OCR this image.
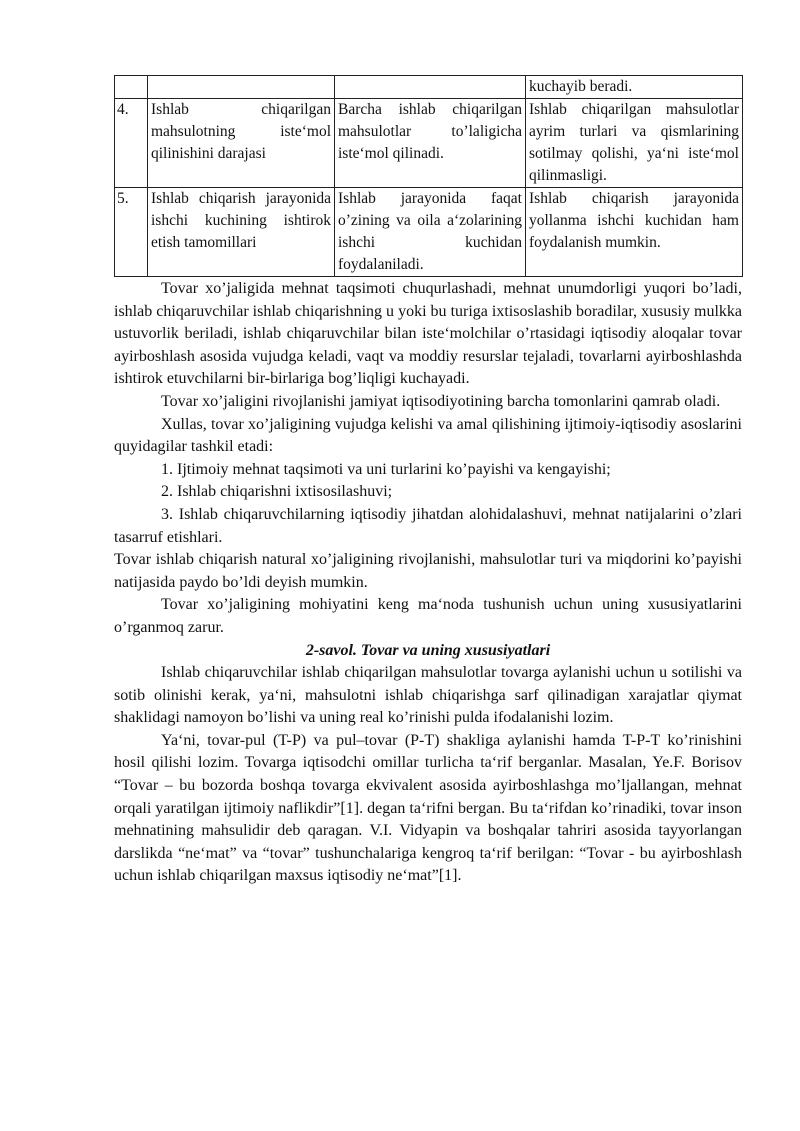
			kuchayib beradi.
4.	Ishlab chiqarilgan mahsulotning iste‘mol qilinishini darajasi	Barcha ishlab chiqarilgan mahsulotlar to’laligicha iste‘mol qilinadi.	Ishlab chiqarilgan mahsulotlar ayrim turlari va qismlarining sotilmay qolishi, ya‘ni iste‘mol qilinmasligi.
5.	Ishlab chiqarish jarayonida ishchi kuchining ishtirok etish tamomillari	Ishlab jarayonida faqat o’zining va oila a‘zolarining ishchi kuchidan foydalaniladi.	Ishlab chiqarish jarayonida yollanma ishchi kuchidan ham foydalanish mumkin.

Tovar xo’jaligida mehnat taqsimoti chuqurlashadi, mehnat unumdorligi yuqori bo’ladi, ishlab chiqaruvchilar ishlab chiqarishning u yoki bu turiga ixtisoslashib boradilar, xususiy mulkka ustuvorlik beriladi, ishlab chiqaruvchilar bilan iste‘molchilar o’rtasidagi iqtisodiy aloqalar tovar ayirboshlash asosida vujudga keladi, vaqt va moddiy resurslar tejaladi, tovarlarni ayirboshlashda ishtirok etuvchilarni bir-birlariga bog’liqligi kuchayadi.

Tovar xo’jaligini rivojlanishi jamiyat iqtisodiyotining barcha tomonlarini qamrab oladi.

Xullas, tovar xo’jaligining vujudga kelishi va amal qilishining ijtimoiy-iqtisodiy asoslarini quyidagilar tashkil etadi:

1. Ijtimoiy mehnat taqsimoti va uni turlarini ko’payishi va kengayishi;

2. Ishlab chiqarishni ixtisosilashuvi;

3. Ishlab chiqaruvchilarning iqtisodiy jihatdan alohidalashuvi, mehnat natijalarini o’zlari tasarruf etishlari.

Tovar ishlab chiqarish natural xo’jaligining rivojlanishi, mahsulotlar turi va miqdorini ko’payishi natijasida paydo bo’ldi deyish mumkin.

Tovar xo’jaligining mohiyatini keng ma‘noda tushunish uchun uning xususiyatlarini o’rganmoq zarur.

2-savol. Tovar va uning xususiyatlari

Ishlab chiqaruvchilar ishlab chiqarilgan mahsulotlar tovarga aylanishi uchun u sotilishi va sotib olinishi kerak, ya‘ni, mahsulotni ishlab chiqarishga sarf qilinadigan xarajatlar qiymat shaklidagi namoyon bo’lishi va uning real ko’rinishi pulda ifodalanishi lozim.

Ya‘ni, tovar-pul (T-P) va pul–tovar (P-T) shakliga aylanishi hamda T-P-T ko’rinishini hosil qilishi lozim. Tovarga iqtisodchi omillar turlicha ta‘rif berganlar. Masalan, Ye.F. Borisov “Tovar – bu bozorda boshqa tovarga ekvivalent asosida ayirboshlashga mo’ljallangan, mehnat orqali yaratilgan ijtimoiy naflikdir”[1]. degan ta‘rifni bergan. Bu ta‘rifdan ko’rinadiki, tovar inson mehnatining mahsulidir deb qaragan. V.I. Vidyapin va boshqalar tahriri asosida tayyorlangan darslikda “ne‘mat” va “tovar” tushunchalariga kengroq ta‘rif berilgan: “Tovar - bu ayirboshlash uchun ishlab chiqarilgan maxsus iqtisodiy ne‘mat”[1].
